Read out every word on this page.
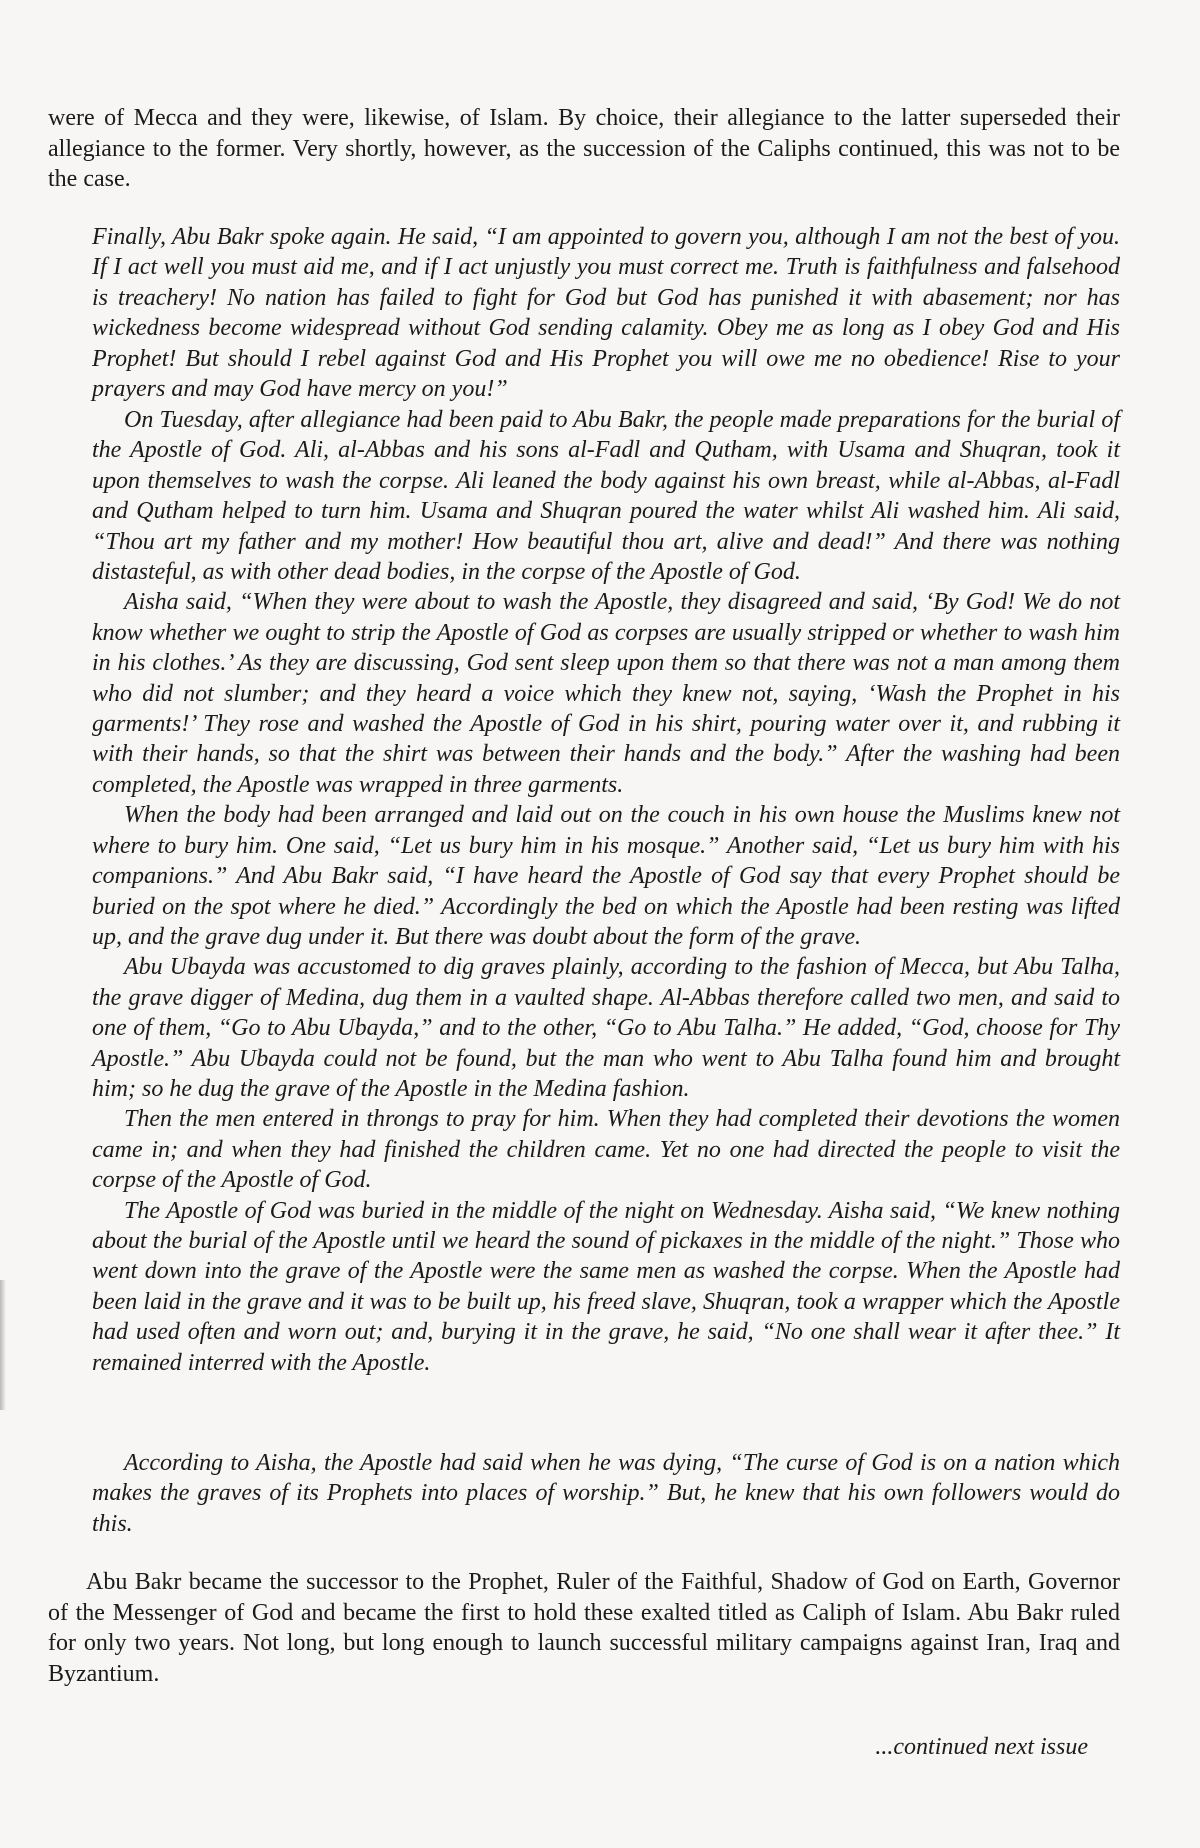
were of Mecca and they were, likewise, of Islam. By choice, their allegiance to the latter superseded their allegiance to the former. Very shortly, however, as the succession of the Caliphs continued, this was not to be the case.

Finally, Abu Bakr spoke again. He said, “I am appointed to govern you, although I am not the best of you. If I act well you must aid me, and if I act unjustly you must correct me. Truth is faithfulness and falsehood is treachery! No nation has failed to fight for God but God has punished it with abasement; nor has wickedness become widespread without God sending calamity. Obey me as long as I obey God and His Prophet! But should I rebel against God and His Prophet you will owe me no obedience! Rise to your prayers and may God have mercy on you!”

On Tuesday, after allegiance had been paid to Abu Bakr, the people made preparations for the burial of the Apostle of God. Ali, al-Abbas and his sons al-Fadl and Qutham, with Usama and Shuqran, took it upon themselves to wash the corpse. Ali leaned the body against his own breast, while al-Abbas, al-Fadl and Qutham helped to turn him. Usama and Shuqran poured the water whilst Ali washed him. Ali said, “Thou art my father and my mother! How beautiful thou art, alive and dead!” And there was nothing distasteful, as with other dead bodies, in the corpse of the Apostle of God.

Aisha said, “When they were about to wash the Apostle, they disagreed and said, ‘By God! We do not know whether we ought to strip the Apostle of God as corpses are usually stripped or whether to wash him in his clothes.’ As they are discussing, God sent sleep upon them so that there was not a man among them who did not slumber; and they heard a voice which they knew not, saying, ‘Wash the Prophet in his garments!’ They rose and washed the Apostle of God in his shirt, pouring water over it, and rubbing it with their hands, so that the shirt was between their hands and the body.” After the washing had been completed, the Apostle was wrapped in three garments.

When the body had been arranged and laid out on the couch in his own house the Muslims knew not where to bury him. One said, “Let us bury him in his mosque.” Another said, “Let us bury him with his companions.” And Abu Bakr said, “I have heard the Apostle of God say that every Prophet should be buried on the spot where he died.” Accordingly the bed on which the Apostle had been resting was lifted up, and the grave dug under it. But there was doubt about the form of the grave.

Abu Ubayda was accustomed to dig graves plainly, according to the fashion of Mecca, but Abu Talha, the grave digger of Medina, dug them in a vaulted shape. Al-Abbas therefore called two men, and said to one of them, “Go to Abu Ubayda,” and to the other, “Go to Abu Talha.” He added, “God, choose for Thy Apostle.” Abu Ubayda could not be found, but the man who went to Abu Talha found him and brought him; so he dug the grave of the Apostle in the Medina fashion.

Then the men entered in throngs to pray for him. When they had completed their devotions the women came in; and when they had finished the children came. Yet no one had directed the people to visit the corpse of the Apostle of God.

The Apostle of God was buried in the middle of the night on Wednesday. Aisha said, “We knew nothing about the burial of the Apostle until we heard the sound of pickaxes in the middle of the night.” Those who went down into the grave of the Apostle were the same men as washed the corpse. When the Apostle had been laid in the grave and it was to be built up, his freed slave, Shuqran, took a wrapper which the Apostle had used often and worn out; and, burying it in the grave, he said, “No one shall wear it after thee.” It remained interred with the Apostle.

According to Aisha, the Apostle had said when he was dying, “The curse of God is on a nation which makes the graves of its Prophets into places of worship.” But, he knew that his own followers would do this.

Abu Bakr became the successor to the Prophet, Ruler of the Faithful, Shadow of God on Earth, Governor of the Messenger of God and became the first to hold these exalted titled as Caliph of Islam. Abu Bakr ruled for only two years. Not long, but long enough to launch successful military campaigns against Iran, Iraq and Byzantium.

...continued next issue
